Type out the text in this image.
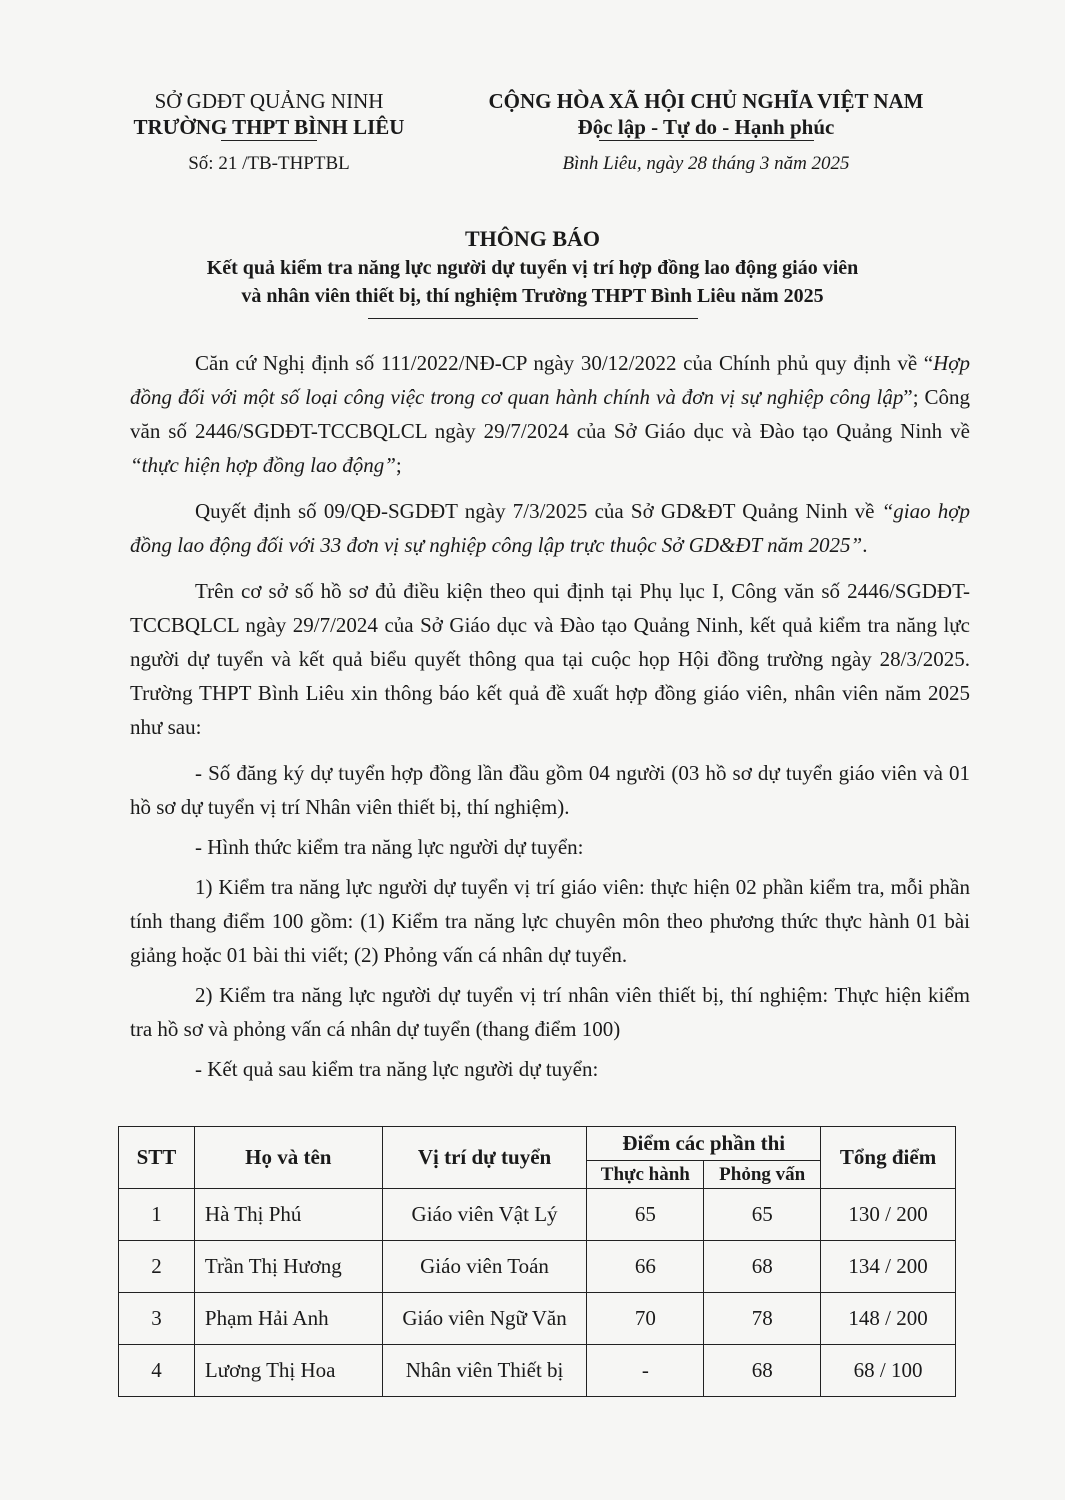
SỞ GDĐT QUẢNG NINH
TRƯỜNG THPT BÌNH LIÊU
Số: 21 /TB-THPTBL
CỘNG HÒA XÃ HỘI CHỦ NGHĨA VIỆT NAM
Độc lập - Tự do - Hạnh phúc
Bình Liêu, ngày 28 tháng 3 năm 2025
THÔNG BÁO
Kết quả kiểm tra năng lực người dự tuyển vị trí hợp đồng lao động giáo viên
và nhân viên thiết bị, thí nghiệm Trường THPT Bình Liêu năm 2025

Căn cứ Nghị định số 111/2022/NĐ-CP ngày 30/12/2022 của Chính phủ quy định về “Hợp đồng đối với một số loại công việc trong cơ quan hành chính và đơn vị sự nghiệp công lập”; Công văn số 2446/SGDĐT-TCCBQLCL ngày 29/7/2024 của Sở Giáo dục và Đào tạo Quảng Ninh về “thực hiện hợp đồng lao động”;

Quyết định số 09/QĐ-SGDĐT ngày 7/3/2025 của Sở GD&ĐT Quảng Ninh về “giao hợp đồng lao động đối với 33 đơn vị sự nghiệp công lập trực thuộc Sở GD&ĐT năm 2025”.

Trên cơ sở số hồ sơ đủ điều kiện theo qui định tại Phụ lục I, Công văn số 2446/SGDĐT-TCCBQLCL ngày 29/7/2024 của Sở Giáo dục và Đào tạo Quảng Ninh, kết quả kiểm tra năng lực người dự tuyển và kết quả biểu quyết thông qua tại cuộc họp Hội đồng trường ngày 28/3/2025. Trường THPT Bình Liêu xin thông báo kết quả đề xuất hợp đồng giáo viên, nhân viên năm 2025 như sau:

- Số đăng ký dự tuyển hợp đồng lần đầu gồm 04 người (03 hồ sơ dự tuyển giáo viên và 01 hồ sơ dự tuyển vị trí Nhân viên thiết bị, thí nghiệm).

- Hình thức kiểm tra năng lực người dự tuyển:

1) Kiểm tra năng lực người dự tuyển vị trí giáo viên: thực hiện 02 phần kiểm tra, mỗi phần tính thang điểm 100 gồm: (1) Kiểm tra năng lực chuyên môn theo phương thức thực hành 01 bài giảng hoặc 01 bài thi viết; (2) Phỏng vấn cá nhân dự tuyển.

2) Kiểm tra năng lực người dự tuyển vị trí nhân viên thiết bị, thí nghiệm: Thực hiện kiểm tra hồ sơ và phỏng vấn cá nhân dự tuyển (thang điểm 100)

- Kết quả sau kiểm tra năng lực người dự tuyển:

STT	Họ và tên	Vị trí dự tuyển	Điểm các phần thi		Tổng điểm
			Thực hành	Phỏng vấn	
1	Hà Thị Phú	Giáo viên Vật Lý	65	65	130 / 200
2	Trần Thị Hương	Giáo viên Toán	66	68	134 / 200
3	Phạm Hải Anh	Giáo viên Ngữ Văn	70	78	148 / 200
4	Lương Thị Hoa	Nhân viên Thiết bị	-	68	68 / 100
